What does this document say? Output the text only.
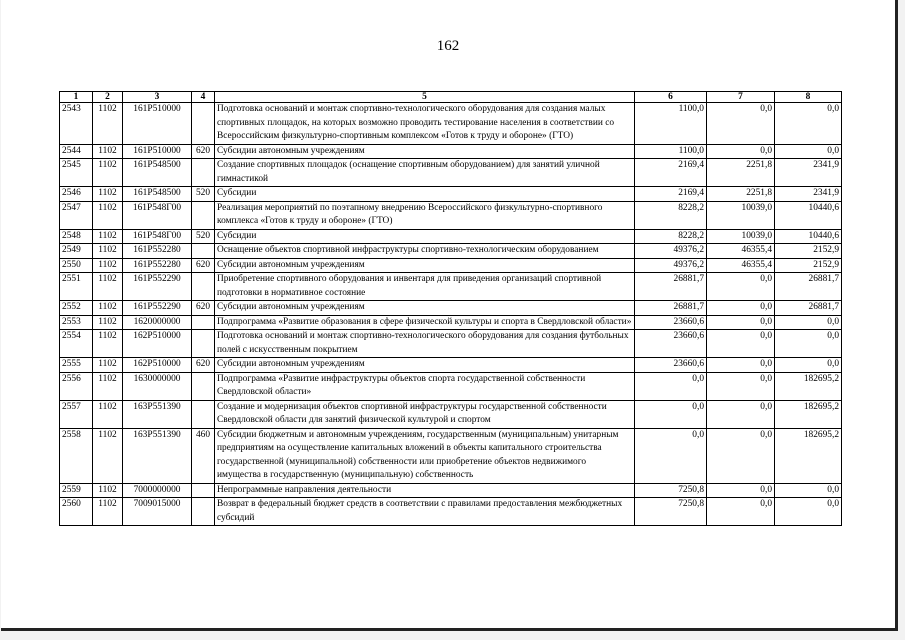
162
1	2	3	4	5	6	7	8
2543	1102	161P510000		Подготовка оснований и монтаж спортивно-технологического оборудования для создания малых спортивных площадок, на которых возможно проводить тестирование населения в соответствии со Всероссийским физкультурно-спортивным комплексом «Готов к труду и обороне» (ГТО)	1100,0	0,0	0,0
2544	1102	161P510000	620	Субсидии автономным учреждениям	1100,0	0,0	0,0
2545	1102	161P548500		Создание спортивных площадок (оснащение спортивным оборудованием) для занятий уличной гимнастикой	2169,4	2251,8	2341,9
2546	1102	161P548500	520	Субсидии	2169,4	2251,8	2341,9
2547	1102	161P548Г00		Реализация мероприятий по поэтапному внедрению Всероссийского физкультурно-спортивного комплекса «Готов к труду и обороне» (ГТО)	8228,2	10039,0	10440,6
2548	1102	161P548Г00	520	Субсидии	8228,2	10039,0	10440,6
2549	1102	161P552280		Оснащение объектов спортивной инфраструктуры спортивно-технологическим оборудованием	49376,2	46355,4	2152,9
2550	1102	161P552280	620	Субсидии автономным учреждениям	49376,2	46355,4	2152,9
2551	1102	161P552290		Приобретение спортивного оборудования и инвентаря для приведения организаций спортивной подготовки в нормативное состояние	26881,7	0,0	26881,7
2552	1102	161P552290	620	Субсидии автономным учреждениям	26881,7	0,0	26881,7
2553	1102	1620000000		Подпрограмма «Развитие образования в сфере физической культуры и спорта в Свердловской области»	23660,6	0,0	0,0
2554	1102	162P510000		Подготовка оснований и монтаж спортивно-технологического оборудования для создания футбольных полей с искусственным покрытием	23660,6	0,0	0,0
2555	1102	162P510000	620	Субсидии автономным учреждениям	23660,6	0,0	0,0
2556	1102	1630000000		Подпрограмма «Развитие инфраструктуры объектов спорта государственной собственности Свердловской области»	0,0	0,0	182695,2
2557	1102	163P551390		Создание и модернизация объектов спортивной инфраструктуры государственной собственности Свердловской области для занятий физической культурой и спортом	0,0	0,0	182695,2
2558	1102	163P551390	460	Субсидии бюджетным и автономным учреждениям, государственным (муниципальным) унитарным предприятиям на осуществление капитальных вложений в объекты капитального строительства государственной (муниципальной) собственности или приобретение объектов недвижимого имущества в государственную (муниципальную) собственность	0,0	0,0	182695,2
2559	1102	7000000000		Непрограммные направления деятельности	7250,8	0,0	0,0
2560	1102	7009015000		Возврат в федеральный бюджет средств в соответствии с правилами предоставления межбюджетных субсидий	7250,8	0,0	0,0
